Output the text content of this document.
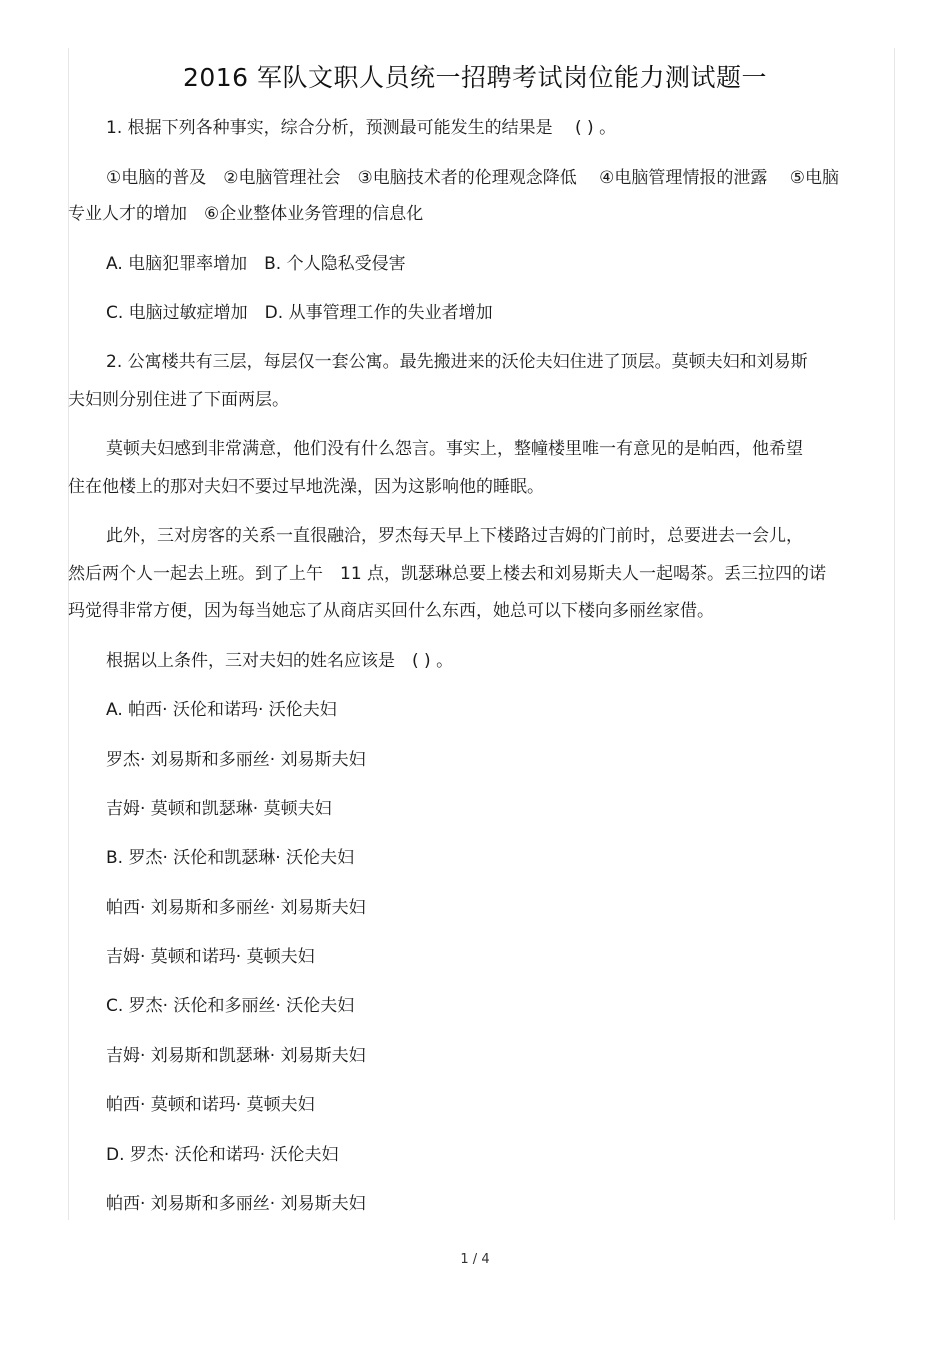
2016 军队文职人员统一招聘考试岗位能力测试题一
1. 根据下列各种事实，综合分析，预测最可能发生的结果是　 ( ) 。
①电脑的普及　②电脑管理社会　③电脑技术者的伦理观念降低　 ④电脑管理情报的泄露　 ⑤电脑
专业人才的增加　⑥企业整体业务管理的信息化
A. 电脑犯罪率增加　B. 个人隐私受侵害
C. 电脑过敏症增加　D. 从事管理工作的失业者增加
2. 公寓楼共有三层，每层仅一套公寓。最先搬进来的沃伦夫妇住进了顶层。莫顿夫妇和刘易斯
夫妇则分别住进了下面两层。
莫顿夫妇感到非常满意，他们没有什么怨言。事实上，整幢楼里唯一有意见的是帕西，他希望
住在他楼上的那对夫妇不要过早地洗澡，因为这影响他的睡眠。
此外，三对房客的关系一直很融洽，罗杰每天早上下楼路过吉姆的门前时，总要进去一会儿，
然后两个人一起去上班。到了上午　11 点，凯瑟琳总要上楼去和刘易斯夫人一起喝茶。丢三拉四的诺
玛觉得非常方便，因为每当她忘了从商店买回什么东西，她总可以下楼向多丽丝家借。
根据以上条件，三对夫妇的姓名应该是　( ) 。
A. 帕西· 沃伦和诺玛· 沃伦夫妇
罗杰· 刘易斯和多丽丝· 刘易斯夫妇
吉姆· 莫顿和凯瑟琳· 莫顿夫妇
B. 罗杰· 沃伦和凯瑟琳· 沃伦夫妇
帕西· 刘易斯和多丽丝· 刘易斯夫妇
吉姆· 莫顿和诺玛· 莫顿夫妇
C. 罗杰· 沃伦和多丽丝· 沃伦夫妇
吉姆· 刘易斯和凯瑟琳· 刘易斯夫妇
帕西· 莫顿和诺玛· 莫顿夫妇
D. 罗杰· 沃伦和诺玛· 沃伦夫妇
帕西· 刘易斯和多丽丝· 刘易斯夫妇
1 / 4
